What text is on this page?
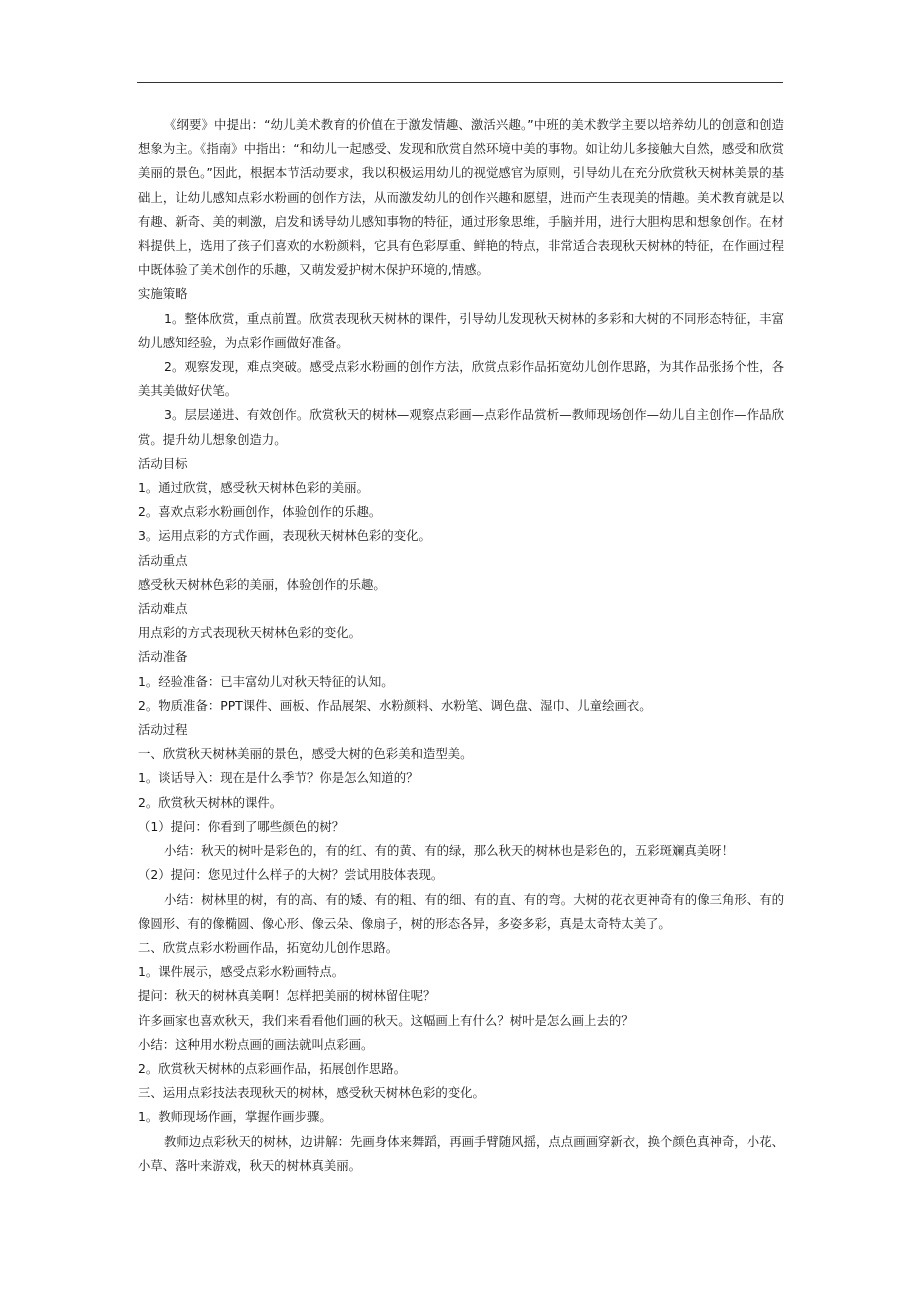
《纲要》中提出：“幼儿美术教育的价值在于激发情趣、激活兴趣。”中班的美术教学主要以培养幼儿的创意和创造想象为主。《指南》中指出：“和幼儿一起感受、发现和欣赏自然环境中美的事物。如让幼儿多接触大自然，感受和欣赏美丽的景色。”因此，根据本节活动要求，我以积极运用幼儿的视觉感官为原则，引导幼儿在充分欣赏秋天树林美景的基础上，让幼儿感知点彩水粉画的创作方法，从而激发幼儿的创作兴趣和愿望，进而产生表现美的情趣。美术教育就是以有趣、新奇、美的刺激，启发和诱导幼儿感知事物的特征，通过形象思维，手脑并用，进行大胆构思和想象创作。在材料提供上，选用了孩子们喜欢的水粉颜料，它具有色彩厚重、鲜艳的特点，非常适合表现秋天树林的特征，在作画过程中既体验了美术创作的乐趣，又萌发爱护树木保护环境的,情感。

实施策略

1。整体欣赏，重点前置。欣赏表现秋天树林的课件，引导幼儿发现秋天树林的多彩和大树的不同形态特征，丰富幼儿感知经验，为点彩作画做好准备。

2。观察发现，难点突破。感受点彩水粉画的创作方法，欣赏点彩作品拓宽幼儿创作思路，为其作品张扬个性，各美其美做好伏笔。

3。层层递进、有效创作。欣赏秋天的树林—观察点彩画—点彩作品赏析—教师现场创作—幼儿自主创作—作品欣赏。提升幼儿想象创造力。

活动目标

1。通过欣赏，感受秋天树林色彩的美丽。

2。喜欢点彩水粉画创作，体验创作的乐趣。

3。运用点彩的方式作画，表现秋天树林色彩的变化。

活动重点

感受秋天树林色彩的美丽，体验创作的乐趣。

活动难点

用点彩的方式表现秋天树林色彩的变化。

活动准备

1。经验准备：已丰富幼儿对秋天特征的认知。

2。物质准备：PPT课件、画板、作品展架、水粉颜料、水粉笔、调色盘、湿巾、儿童绘画衣。

活动过程

一、欣赏秋天树林美丽的景色，感受大树的色彩美和造型美。

1。谈话导入：现在是什么季节？你是怎么知道的？

2。欣赏秋天树林的课件。

（1）提问：你看到了哪些颜色的树？

小结：秋天的树叶是彩色的，有的红、有的黄、有的绿，那么秋天的树林也是彩色的，五彩斑斓真美呀！

（2）提问：您见过什么样子的大树？尝试用肢体表现。

小结：树林里的树，有的高、有的矮、有的粗、有的细、有的直、有的弯。大树的花衣更神奇有的像三角形、有的像圆形、有的像椭圆、像心形、像云朵、像扇子，树的形态各异，多姿多彩，真是太奇特太美了。

二、欣赏点彩水粉画作品，拓宽幼儿创作思路。

1。课件展示，感受点彩水粉画特点。

提问：秋天的树林真美啊！怎样把美丽的树林留住呢？

许多画家也喜欢秋天，我们来看看他们画的秋天。这幅画上有什么？树叶是怎么画上去的？

小结：这种用水粉点画的画法就叫点彩画。

2。欣赏秋天树林的点彩画作品，拓展创作思路。

三、运用点彩技法表现秋天的树林，感受秋天树林色彩的变化。

1。教师现场作画，掌握作画步骤。

教师边点彩秋天的树林，边讲解：先画身体来舞蹈，再画手臂随风摇，点点画画穿新衣，换个颜色真神奇，小花、小草、落叶来游戏，秋天的树林真美丽。
